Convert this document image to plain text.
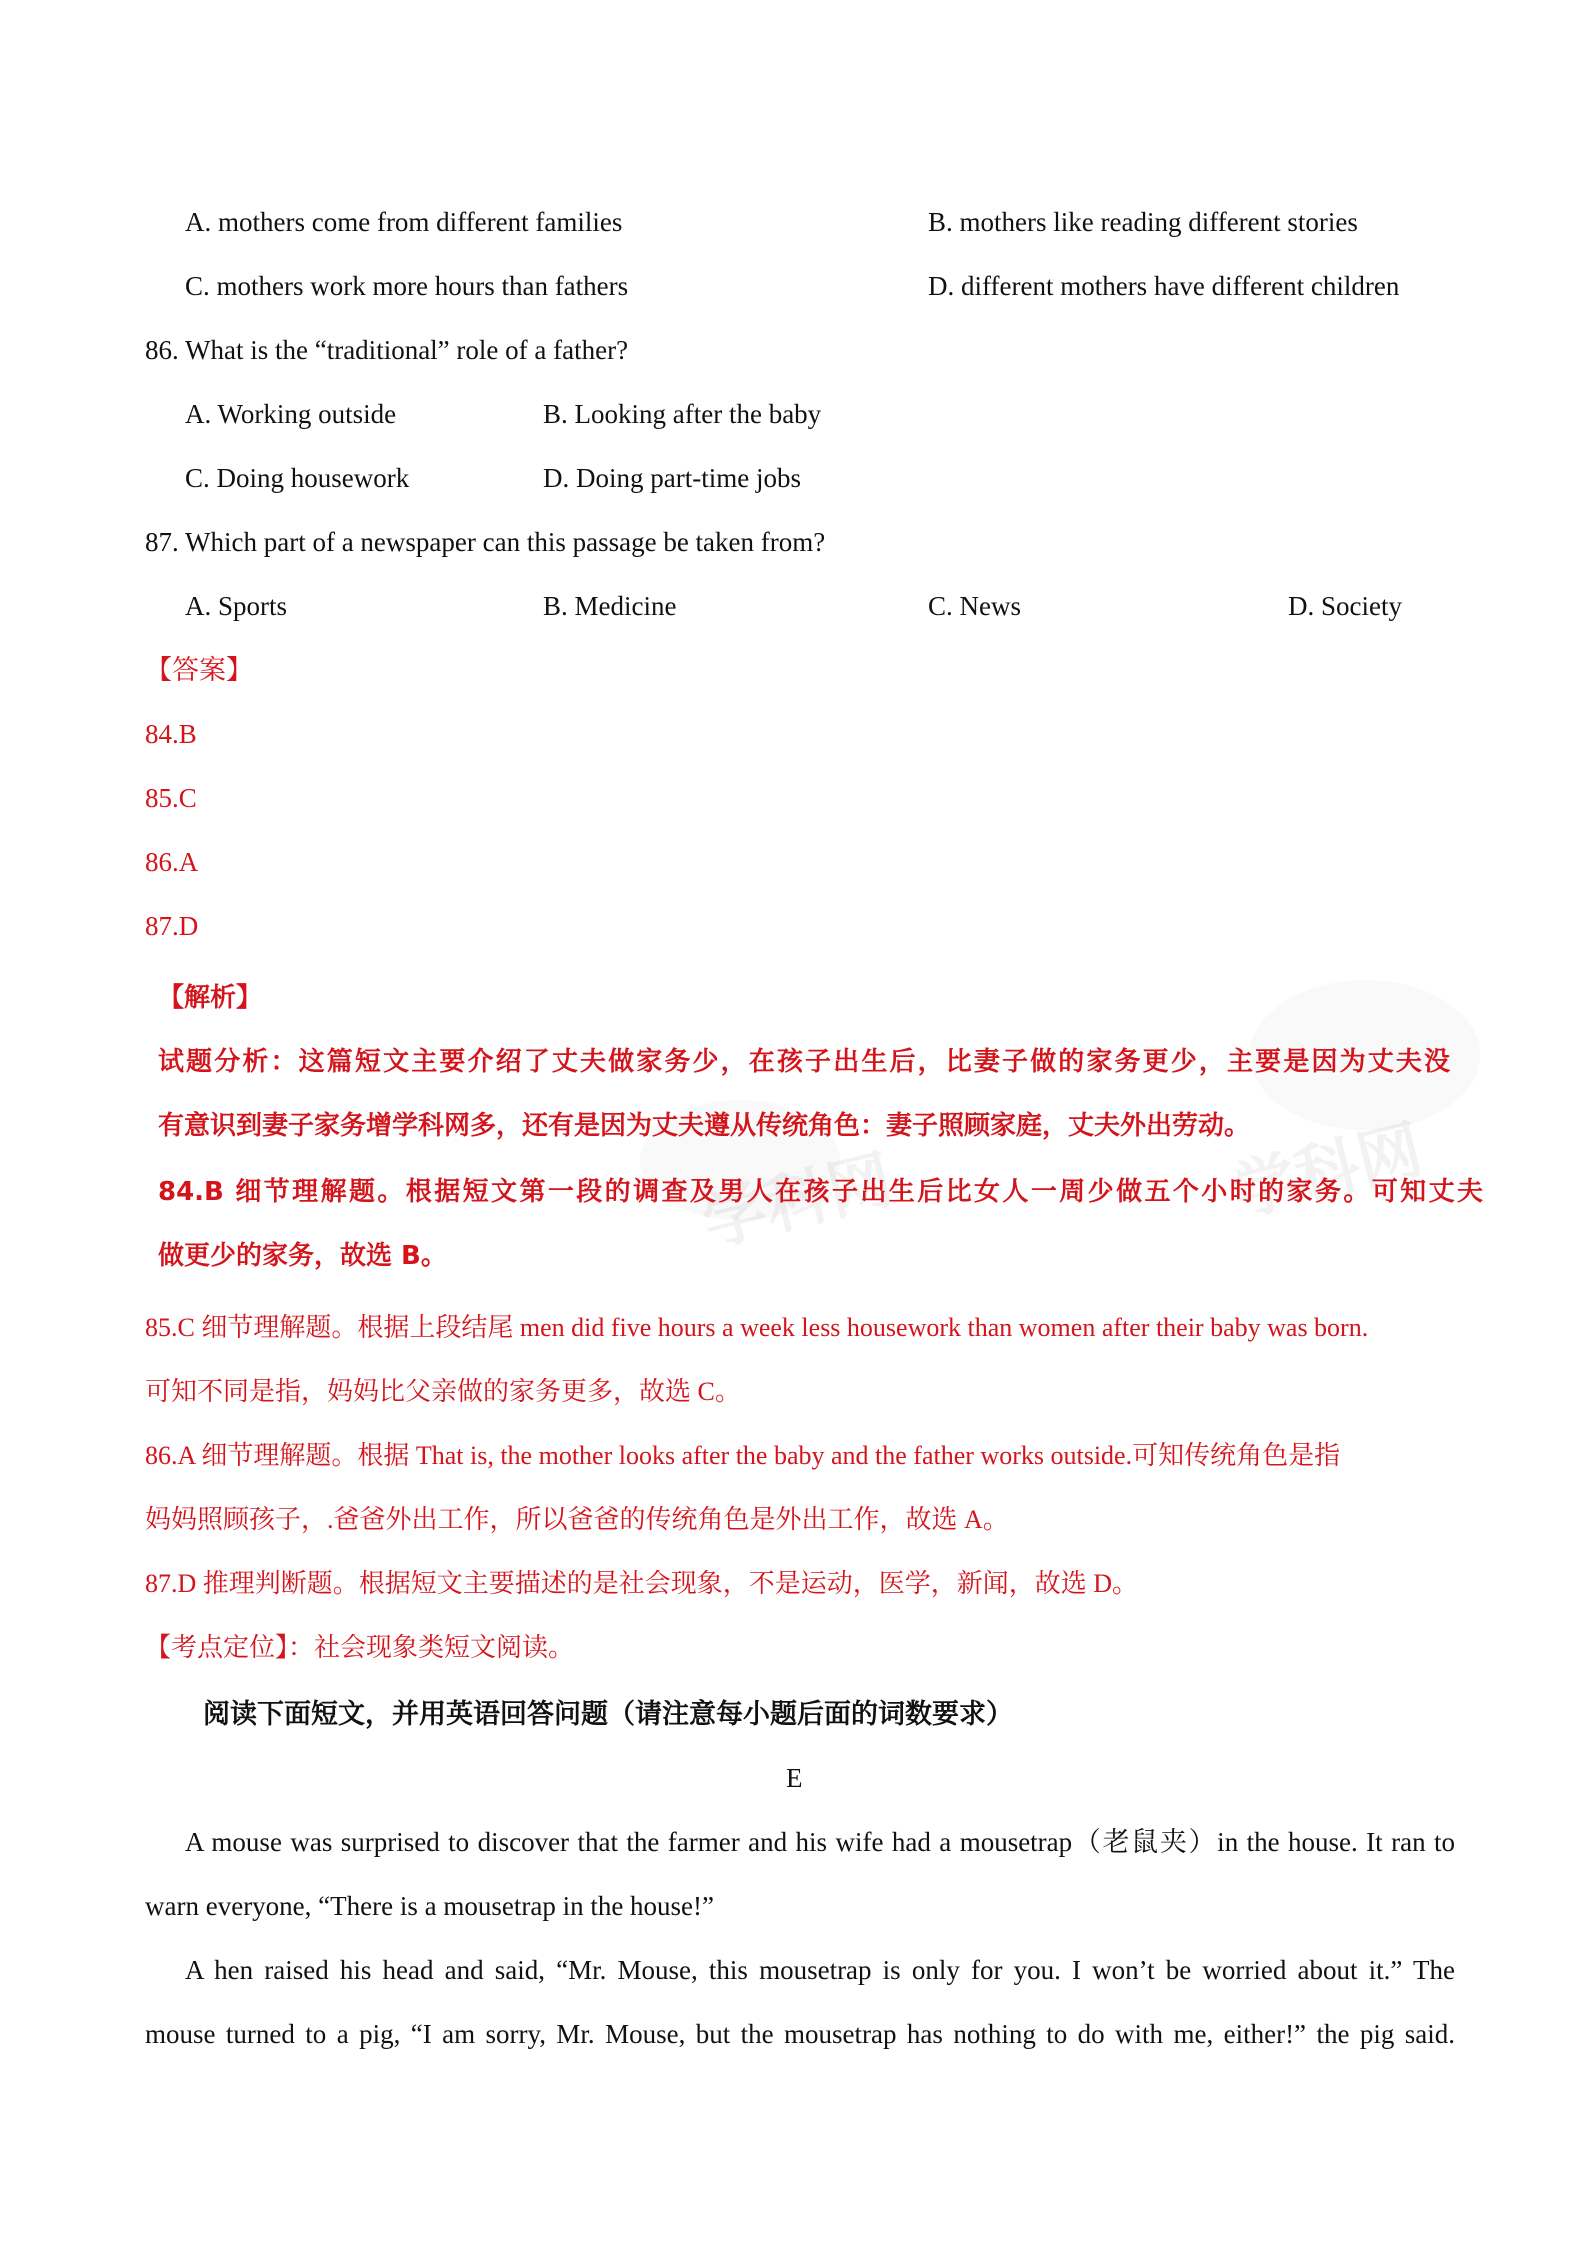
学科网	学科网
A. mothers come from different families	B. mothers like reading different stories
C. mothers work more hours than fathers	D. different mothers have different children
86. What is the “traditional” role of a father?
A. Working outside	B. Looking after the baby
C. Doing housework	D. Doing part-time jobs
87. Which part of a newspaper can this passage be taken from?
A. Sports	B. Medicine	C. News	D. Society
【答案】
84.B
85.C
86.A
87.D
【解析】
试题分析：这篇短文主要介绍了丈夫做家务少，在孩子出生后，比妻子做的家务更少，主要是因为丈夫没
有意识到妻子家务增学科网多，还有是因为丈夫遵从传统角色：妻子照顾家庭，丈夫外出劳动。
84.B 细节理解题。根据短文第一段的调查及男人在孩子出生后比女人一周少做五个小时的家务。可知丈夫
做更少的家务，故选 B。
85.C 细节理解题。根据上段结尾 men did five hours a week less housework than women after their baby was born.
可知不同是指，妈妈比父亲做的家务更多，故选 C。
86.A 细节理解题。根据 That is, the mother looks after the baby and the father works outside.可知传统角色是指
妈妈照顾孩子，.爸爸外出工作，所以爸爸的传统角色是外出工作，故选 A。
87.D 推理判断题。根据短文主要描述的是社会现象，不是运动，医学，新闻，故选 D。
【考点定位】：社会现象类短文阅读。
阅读下面短文，并用英语回答问题（请注意每小题后面的词数要求）
E
A mouse was surprised to discover that the farmer and his wife had a mousetrap（老鼠夹）in the house. It ran to
warn everyone, “There is a mousetrap in the house!”
A hen raised his head and said, “Mr. Mouse, this mousetrap is only for you. I won’t be worried about it.” The
mouse turned to a pig, “I am sorry, Mr. Mouse, but the mousetrap has nothing to do with me, either!” the pig said.
